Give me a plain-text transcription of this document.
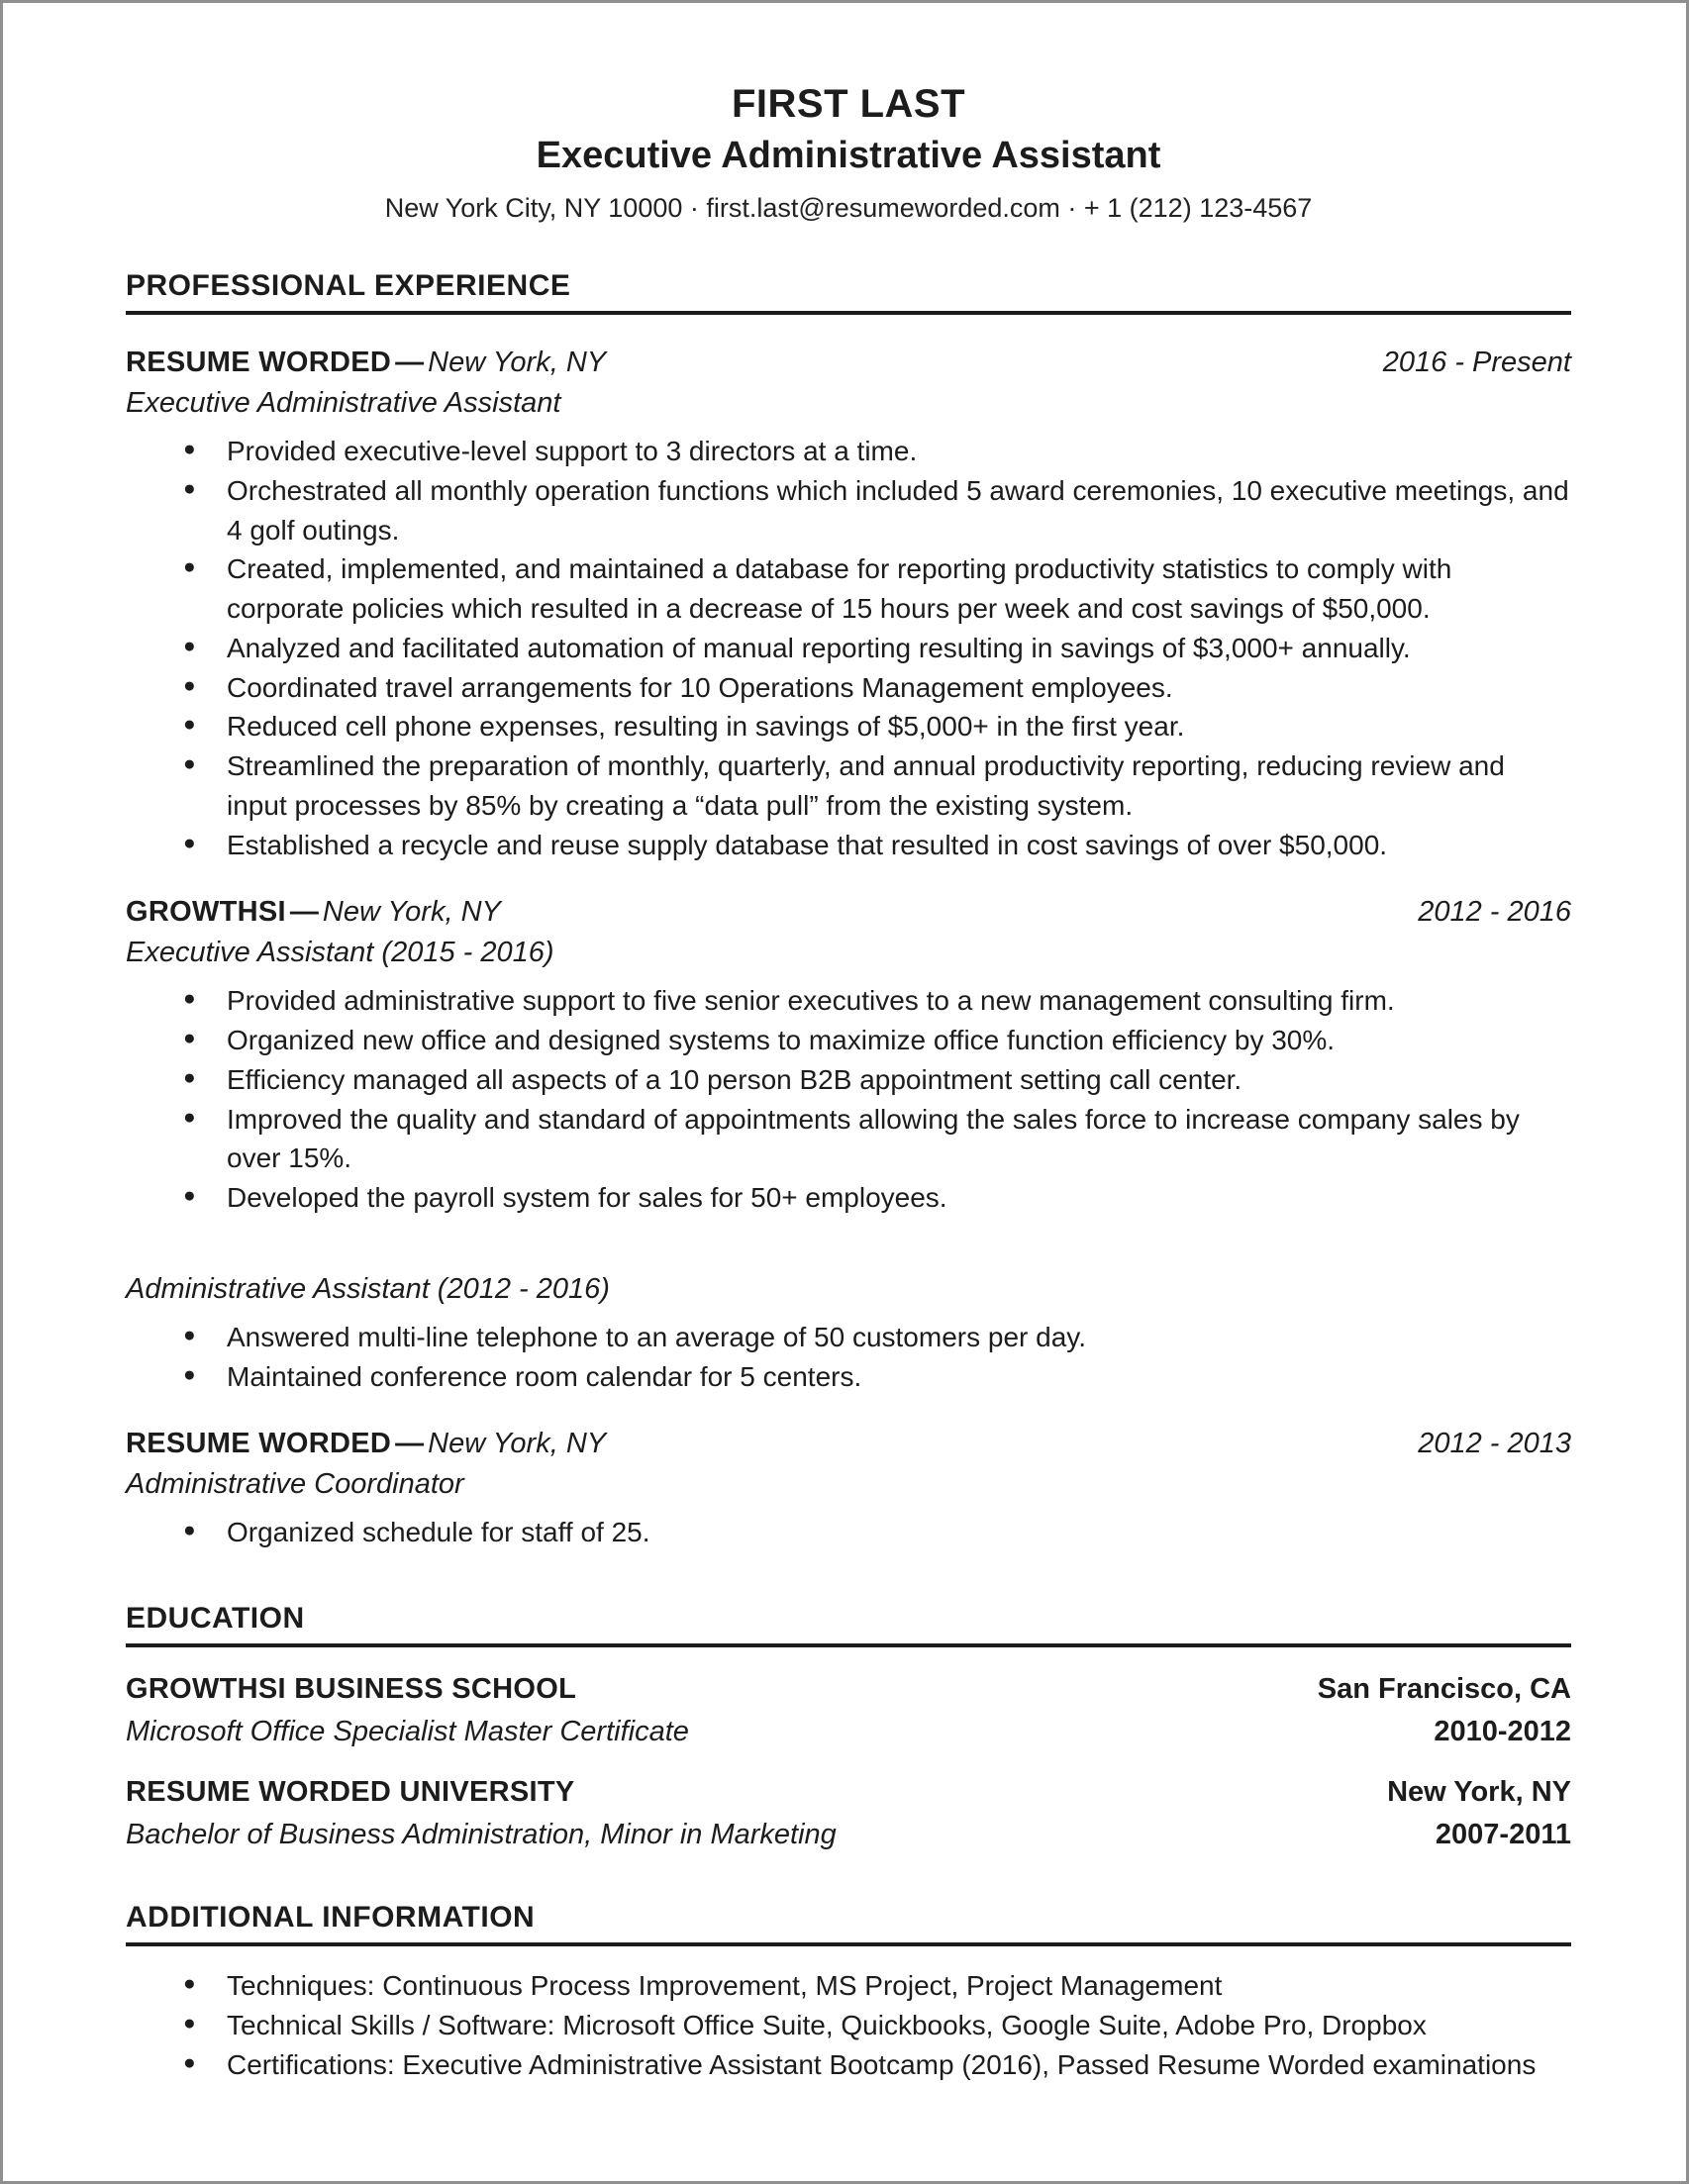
FIRST LAST
Executive Administrative Assistant

New York City, NY 10000 · first.last@resumeworded.com · + 1 (212) 123-4567

PROFESSIONAL EXPERIENCE
RESUME WORDED — New York, NY	2016 - Present
Executive Administrative Assistant
● Provided executive-level support to 3 directors at a time.
● Orchestrated all monthly operation functions which included 5 award ceremonies, 10 executive meetings, and 4 golf outings.
● Created, implemented, and maintained a database for reporting productivity statistics to comply with corporate policies which resulted in a decrease of 15 hours per week and cost savings of $50,000.
● Analyzed and facilitated automation of manual reporting resulting in savings of $3,000+ annually.
● Coordinated travel arrangements for 10 Operations Management employees.
● Reduced cell phone expenses, resulting in savings of $5,000+ in the first year.
● Streamlined the preparation of monthly, quarterly, and annual productivity reporting, reducing review and input processes by 85% by creating a “data pull” from the existing system.
● Established a recycle and reuse supply database that resulted in cost savings of over $50,000.
GROWTHSI — New York, NY	2012 - 2016
Executive Assistant (2015 - 2016)
● Provided administrative support to five senior executives to a new management consulting firm.
● Organized new office and designed systems to maximize office function efficiency by 30%.
● Efficiency managed all aspects of a 10 person B2B appointment setting call center.
● Improved the quality and standard of appointments allowing the sales force to increase company sales by over 15%.
● Developed the payroll system for sales for 50+ employees.
Administrative Assistant (2012 - 2016)
● Answered multi-line telephone to an average of 50 customers per day.
● Maintained conference room calendar for 5 centers.
RESUME WORDED — New York, NY	2012 - 2013
Administrative Coordinator
● Organized schedule for staff of 25.
EDUCATION
GROWTHSI BUSINESS SCHOOL	San Francisco, CA
Microsoft Office Specialist Master Certificate	2010-2012
RESUME WORDED UNIVERSITY	New York, NY
Bachelor of Business Administration, Minor in Marketing	2007-2011
ADDITIONAL INFORMATION
● Techniques: Continuous Process Improvement, MS Project, Project Management
● Technical Skills / Software: Microsoft Office Suite, Quickbooks, Google Suite, Adobe Pro, Dropbox
● Certifications: Executive Administrative Assistant Bootcamp (2016), Passed Resume Worded examinations
